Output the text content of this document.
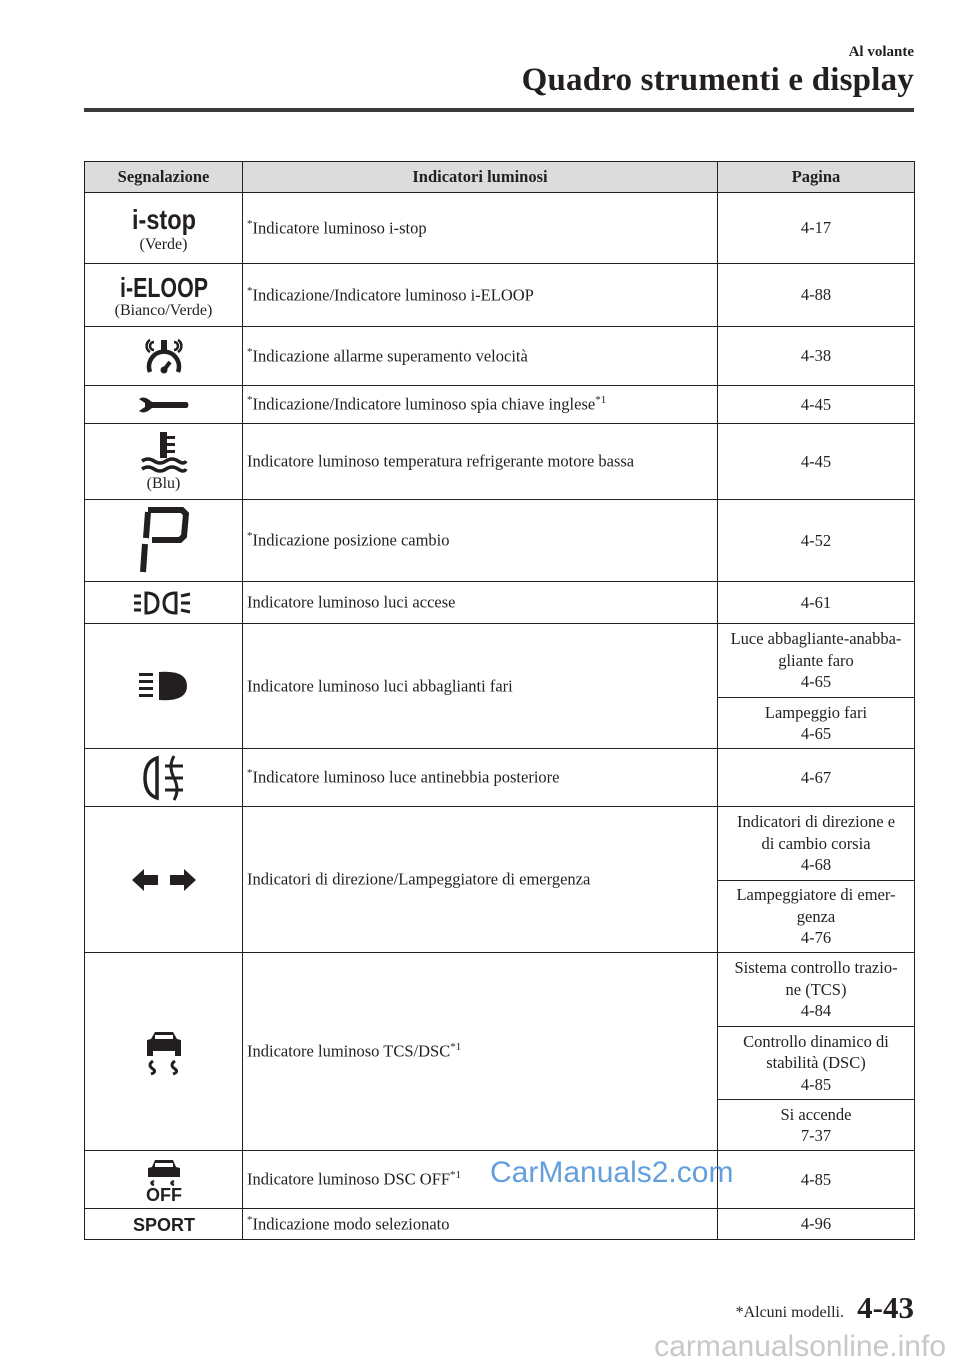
Al volante
Quadro strumenti e display
Segnalazione	Indicatori luminosi	Pagina

i-stop
(Verde)	*Indicatore luminoso i-stop	4-17

i-ELOOP
(Bianco/Verde)	*Indicazione/Indicatore luminoso i-ELOOP	4-88

	*Indicazione allarme superamento velocità	4-38

	*Indicazione/Indicatore luminoso spia chiave inglese$^{*1}$	4-45

(Blu)	Indicatore luminoso temperatura refrigerante motore bassa	4-45

	*Indicazione posizione cambio	4-52

	Indicatore luminoso luci accese	4-61

	Indicatore luminoso luci abbaglianti fari	Luce abbagliante-anabba-
gliante faro
4-65
		Lampeggio fari
4-65

	*Indicatore luminoso luce antinebbia posteriore	4-67

	Indicatori di direzione/Lampeggiatore di emergenza	Indicatori di direzione e
di cambio corsia
4-68
		Lampeggiatore di emer-
genza
4-76

	Indicatore luminoso TCS/DSC$^{*1}$	Sistema controllo trazio-
ne (TCS)
4-84
		Controllo dinamico di
stabilità (DSC)
4-85
		Si accende
7-37

OFF	Indicatore luminoso DSC OFF$^{*1}$	4-85

SPORT	*Indicazione modo selezionato	4-96
CarManuals2.com
*Alcuni modelli. 4-43
carmanualsonline.info
